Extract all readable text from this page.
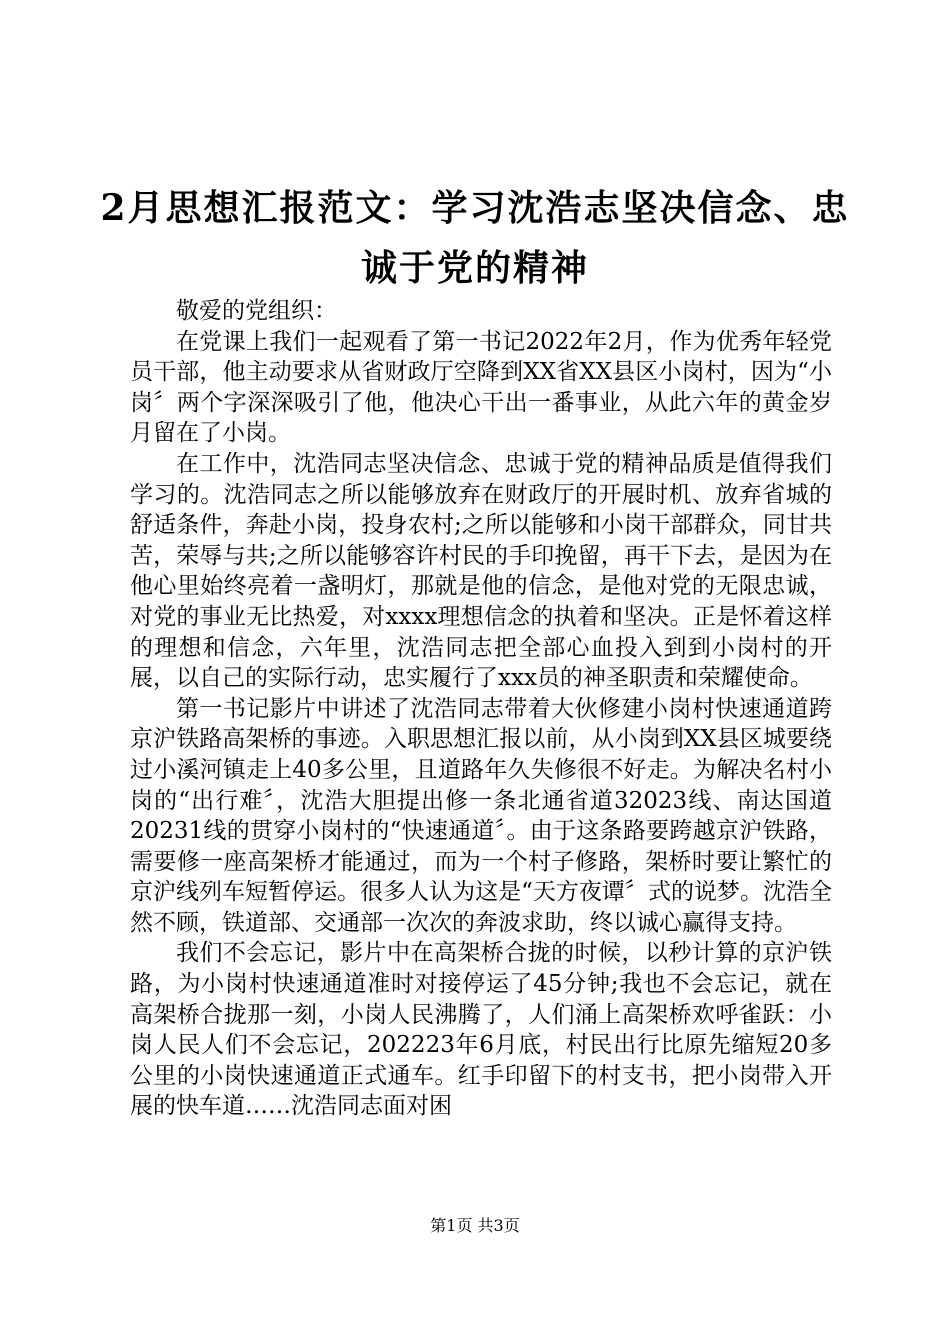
2月思想汇报范文：学习沈浩志坚决信念、忠诚于党的精神

敬爱的党组织：

在党课上我们一起观看了第一书记2022年2月，作为优秀年轻党员干部，他主动要求从省财政厅空降到XX省XX县区小岗村，因为“小岗〞两个字深深吸引了他，他决心干出一番事业，从此六年的黄金岁月留在了小岗。

在工作中，沈浩同志坚决信念、忠诚于党的精神品质是值得我们学习的。沈浩同志之所以能够放弃在财政厅的开展时机、放弃省城的舒适条件，奔赴小岗，投身农村;之所以能够和小岗干部群众，同甘共苦，荣辱与共;之所以能够容许村民的手印挽留，再干下去，是因为在他心里始终亮着一盏明灯，那就是他的信念，是他对党的无限忠诚，对党的事业无比热爱，对xxxx理想信念的执着和坚决。正是怀着这样的理想和信念，六年里，沈浩同志把全部心血投入到到小岗村的开展，以自己的实际行动，忠实履行了xxx员的神圣职责和荣耀使命。

第一书记影片中讲述了沈浩同志带着大伙修建小岗村快速通道跨京沪铁路高架桥的事迹。入职思想汇报以前，从小岗到XX县区城要绕过小溪河镇走上40多公里，且道路年久失修很不好走。为解决名村小岗的“出行难〞，沈浩大胆提出修一条北通省道32023线、南达国道20231线的贯穿小岗村的“快速通道〞。由于这条路要跨越京沪铁路，需要修一座高架桥才能通过，而为一个村子修路，架桥时要让繁忙的京沪线列车短暂停运。很多人认为这是“天方夜谭〞式的说梦。沈浩全然不顾，铁道部、交通部一次次的奔波求助，终以诚心赢得支持。

我们不会忘记，影片中在高架桥合拢的时候，以秒计算的京沪铁路，为小岗村快速通道准时对接停运了45分钟;我也不会忘记，就在高架桥合拢那一刻，小岗人民沸腾了，人们涌上高架桥欢呼雀跃：小岗人民人们不会忘记，202223年6月底，村民出行比原先缩短20多公里的小岗快速通道正式通车。红手印留下的村支书，把小岗带入开展的快车道……沈浩同志面对困

第1页 共3页
